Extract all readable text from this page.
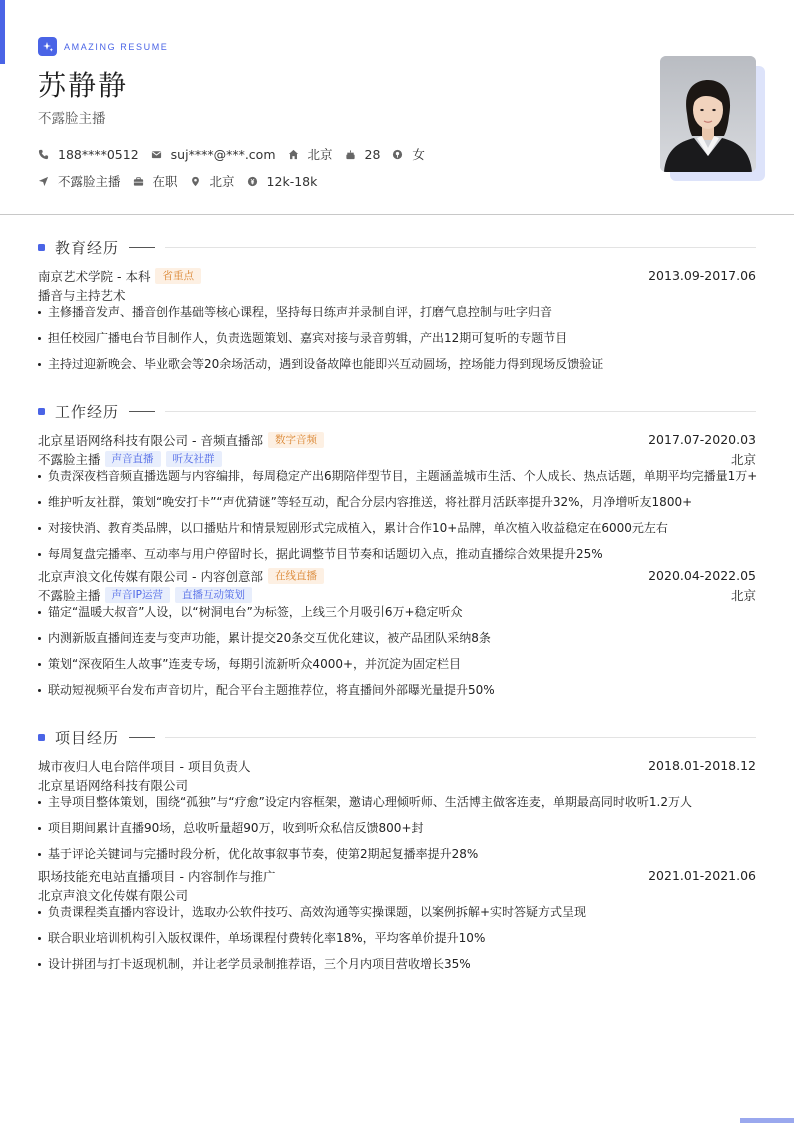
AMAZING RESUME
苏静静
不露脸主播
188****0512	suj****@***.com	北京	28	女
不露脸主播	在职	北京	12k-18k
教育经历
南京艺术学院 - 本科	省重点	2013.09-2017.06
播音与主持艺术
主修播音发声、播音创作基础等核心课程，坚持每日练声并录制自评，打磨气息控制与吐字归音
担任校园广播电台节目制作人，负责选题策划、嘉宾对接与录音剪辑，产出12期可复听的专题节目
主持过迎新晚会、毕业歌会等20余场活动，遇到设备故障也能即兴互动圆场，控场能力得到现场反馈验证
工作经历
北京星语网络科技有限公司 - 音频直播部	数字音频	2017.07-2020.03
不露脸主播	声音直播	听友社群	北京
负责深夜档音频直播选题与内容编排，每周稳定产出6期陪伴型节目，主题涵盖城市生活、个人成长、热点话题，单期平均完播量1万+
维护听友社群，策划“晚安打卡”“声优猜谜”等轻互动，配合分层内容推送，将社群月活跃率提升32%，月净增听友1800+
对接快消、教育类品牌，以口播贴片和情景短剧形式完成植入，累计合作10+品牌，单次植入收益稳定在6000元左右
每周复盘完播率、互动率与用户停留时长，据此调整节目节奏和话题切入点，推动直播综合效果提升25%
北京声浪文化传媒有限公司 - 内容创意部	在线直播	2020.04-2022.05
不露脸主播	声音IP运营	直播互动策划	北京
锚定“温暖大叔音”人设，以“树洞电台”为标签，上线三个月吸引6万+稳定听众
内测新版直播间连麦与变声功能，累计提交20条交互优化建议，被产品团队采纳8条
策划“深夜陌生人故事”连麦专场，每期引流新听众4000+，并沉淀为固定栏目
联动短视频平台发布声音切片，配合平台主题推荐位，将直播间外部曝光量提升50%
项目经历
城市夜归人电台陪伴项目 - 项目负责人	2018.01-2018.12
北京星语网络科技有限公司
主导项目整体策划，围绕“孤独”与“疗愈”设定内容框架，邀请心理倾听师、生活博主做客连麦，单期最高同时收听1.2万人
项目期间累计直播90场，总收听量超90万，收到听众私信反馈800+封
基于评论关键词与完播时段分析，优化故事叙事节奏，使第2期起复播率提升28%
职场技能充电站直播项目 - 内容制作与推广	2021.01-2021.06
北京声浪文化传媒有限公司
负责课程类直播内容设计，选取办公软件技巧、高效沟通等实操课题，以案例拆解+实时答疑方式呈现
联合职业培训机构引入版权课件，单场课程付费转化率18%，平均客单价提升10%
设计拼团与打卡返现机制，并让老学员录制推荐语，三个月内项目营收增长35%
